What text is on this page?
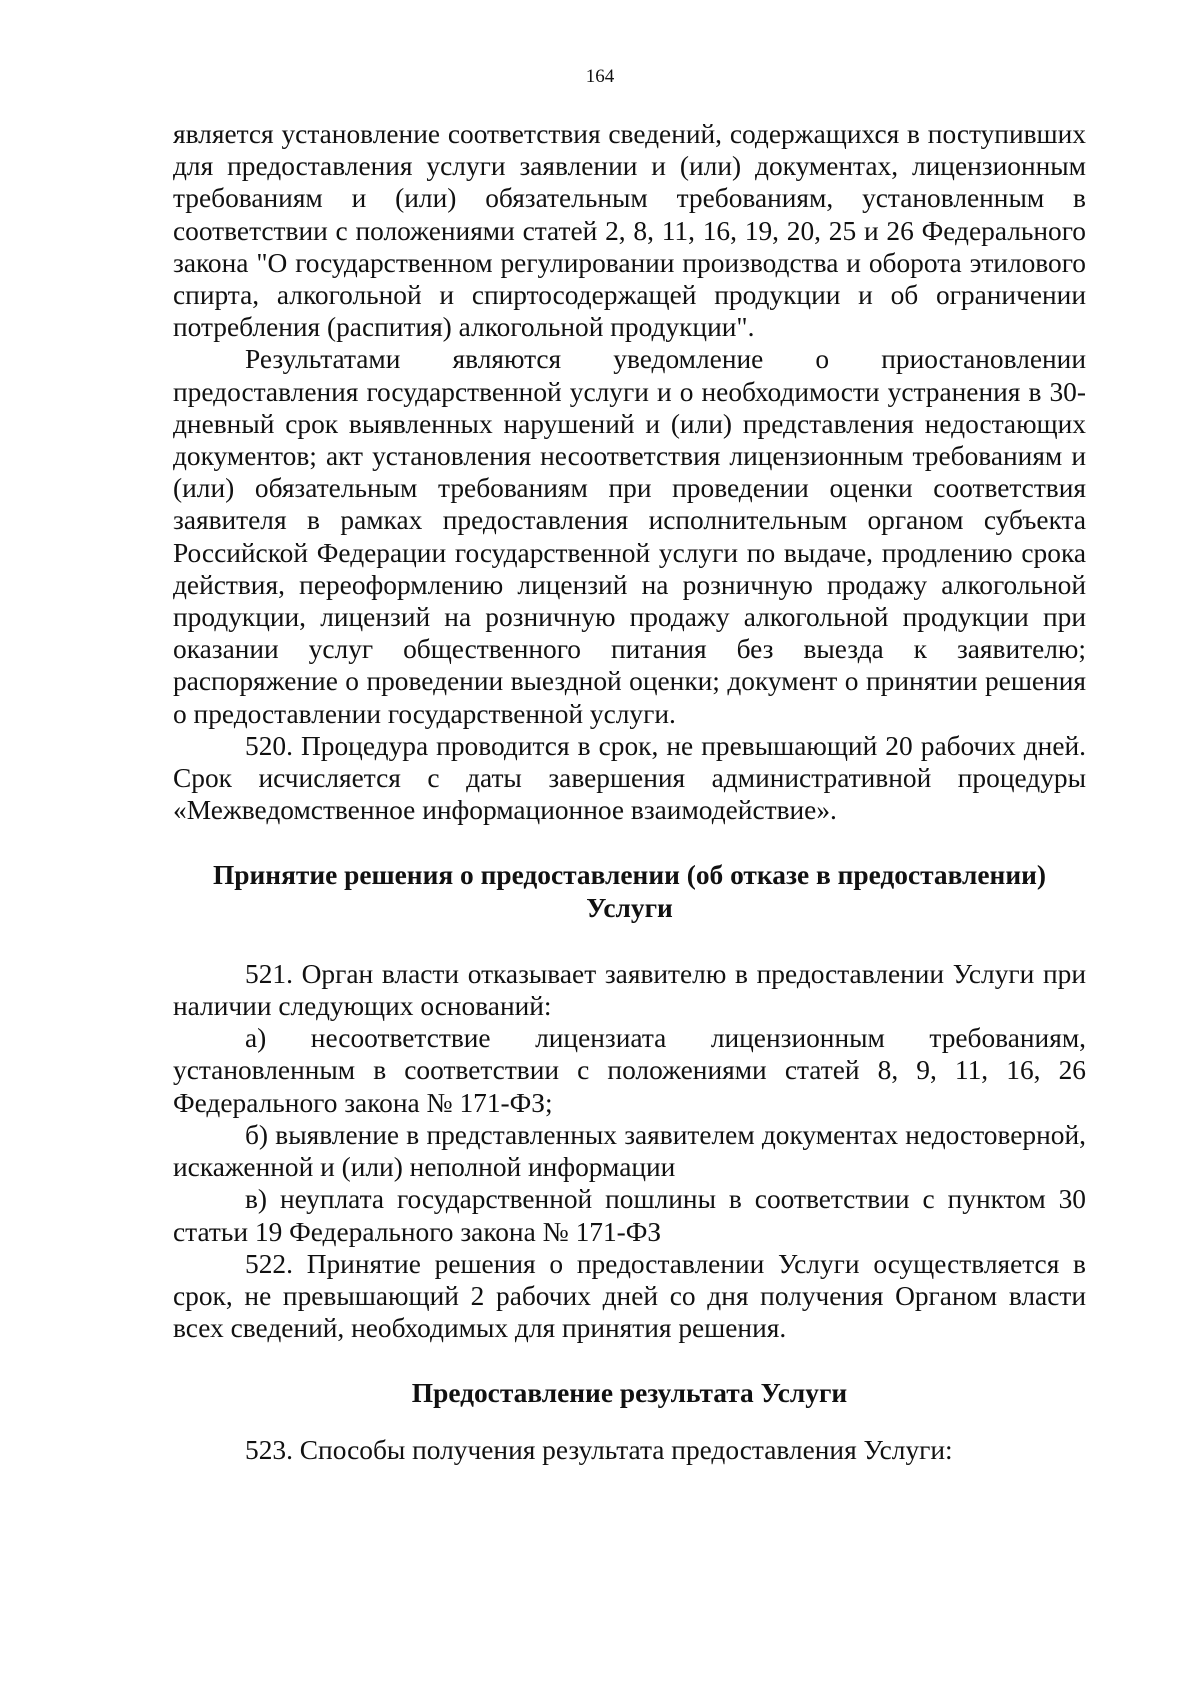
164

является установление соответствия сведений, содержащихся в поступивших для предоставления услуги заявлении и (или) документах, лицензионным требованиям и (или) обязательным требованиям, установленным в соответствии с положениями статей 2, 8, 11, 16, 19, 20, 25 и 26 Федерального закона "О государственном регулировании производства и оборота этилового спирта, алкогольной и спиртосодержащей продукции и об ограничении потребления (распития) алкогольной продукции".

Результатами являются уведомление о приостановлении предоставления государственной услуги и о необходимости устранения в 30-дневный срок выявленных нарушений и (или) представления недостающих документов; акт установления несоответствия лицензионным требованиям и (или) обязательным требованиям при проведении оценки соответствия заявителя в рамках предоставления исполнительным органом субъекта Российской Федерации государственной услуги по выдаче, продлению срока действия, переоформлению лицензий на розничную продажу алкогольной продукции, лицензий на розничную продажу алкогольной продукции при оказании услуг общественного питания без выезда к заявителю; распоряжение о проведении выездной оценки; документ о принятии решения о предоставлении государственной услуги.

520. Процедура проводится в срок, не превышающий 20 рабочих дней. Срок исчисляется с даты завершения административной процедуры «Межведомственное информационное взаимодействие».

Принятие решения о предоставлении (об отказе в предоставлении)
Услуги

521. Орган власти отказывает заявителю в предоставлении Услуги при наличии следующих оснований:

а) несоответствие лицензиата лицензионным требованиям, установленным в соответствии с положениями статей 8, 9, 11, 16, 26 Федерального закона № 171-ФЗ;

б) выявление в представленных заявителем документах недостоверной, искаженной и (или) неполной информации

в) неуплата государственной пошлины в соответствии с пунктом 30 статьи 19 Федерального закона № 171-ФЗ

522. Принятие решения о предоставлении Услуги осуществляется в срок, не превышающий 2 рабочих дней со дня получения Органом власти всех сведений, необходимых для принятия решения.

Предоставление результата Услуги

523. Способы получения результата предоставления Услуги:
